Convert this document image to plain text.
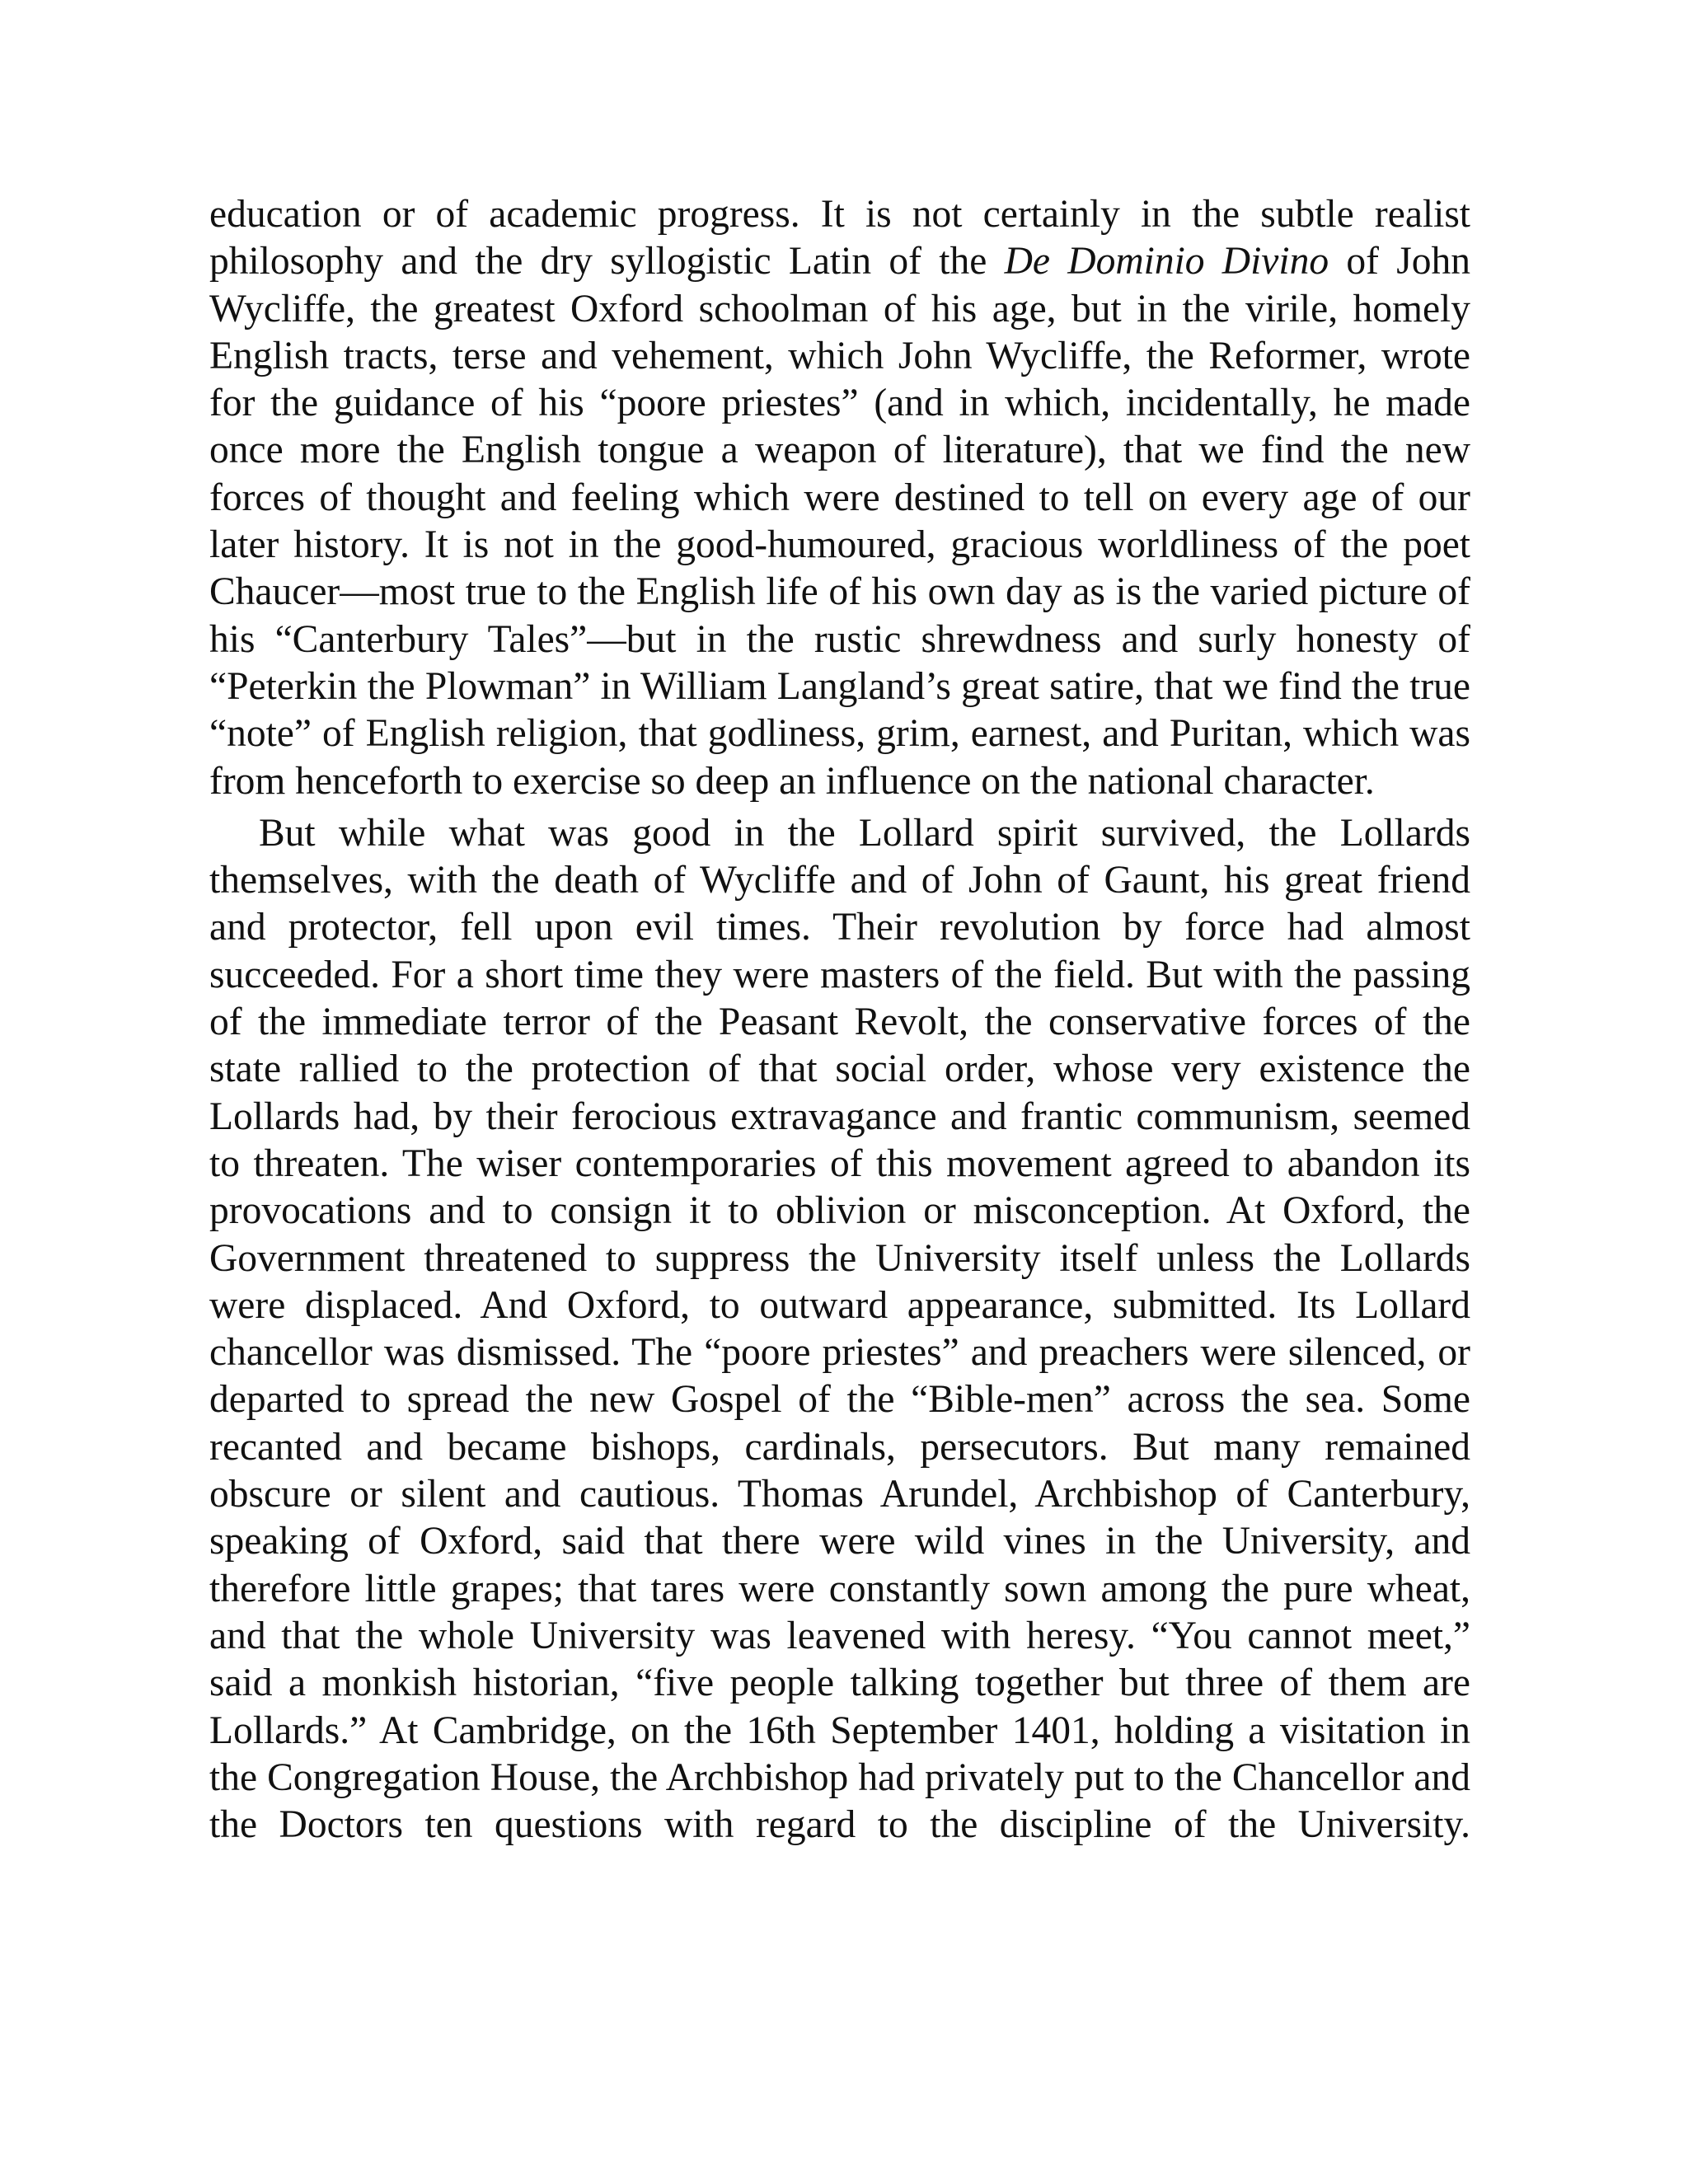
education or of academic progress. It is not certainly in the subtle realist philosophy and the dry syllogistic Latin of the De Dominio Divino of John Wycliffe, the greatest Oxford schoolman of his age, but in the virile, homely English tracts, terse and vehement, which John Wycliffe, the Reformer, wrote for the guidance of his “poore priestes” (and in which, incidentally, he made once more the English tongue a weapon of literature), that we find the new forces of thought and feeling which were destined to tell on every age of our later history. It is not in the good-humoured, gracious worldliness of the poet Chaucer—most true to the English life of his own day as is the varied picture of his “Canterbury Tales”—but in the rustic shrewdness and surly honesty of “Peterkin the Plowman” in William Langland’s great satire, that we find the true “note” of English religion, that godliness, grim, earnest, and Puritan, which was from henceforth to exercise so deep an influence on the national character.

But while what was good in the Lollard spirit survived, the Lollards themselves, with the death of Wycliffe and of John of Gaunt, his great friend and protector, fell upon evil times. Their revolution by force had almost succeeded. For a short time they were masters of the field. But with the passing of the immediate terror of the Peasant Revolt, the conservative forces of the state rallied to the protection of that social order, whose very existence the Lollards had, by their ferocious extravagance and frantic communism, seemed to threaten. The wiser contemporaries of this movement agreed to abandon its provocations and to consign it to oblivion or misconception. At Oxford, the Government threatened to suppress the University itself unless the Lollards were displaced. And Oxford, to outward appearance, submitted. Its Lollard chancellor was dismissed. The “poore priestes” and preachers were silenced, or departed to spread the new Gospel of the “Bible-men” across the sea. Some recanted and became bishops, cardinals, persecutors. But many remained obscure or silent and cautious. Thomas Arundel, Archbishop of Canterbury, speaking of Oxford, said that there were wild vines in the University, and therefore little grapes; that tares were constantly sown among the pure wheat, and that the whole University was leavened with heresy. “You cannot meet,” said a monkish historian, “five people talking together but three of them are Lollards.” At Cambridge, on the 16th September 1401, holding a visitation in the Congregation House, the Archbishop had privately put to the Chancellor and the Doctors ten questions with regard to the discipline of the University.
